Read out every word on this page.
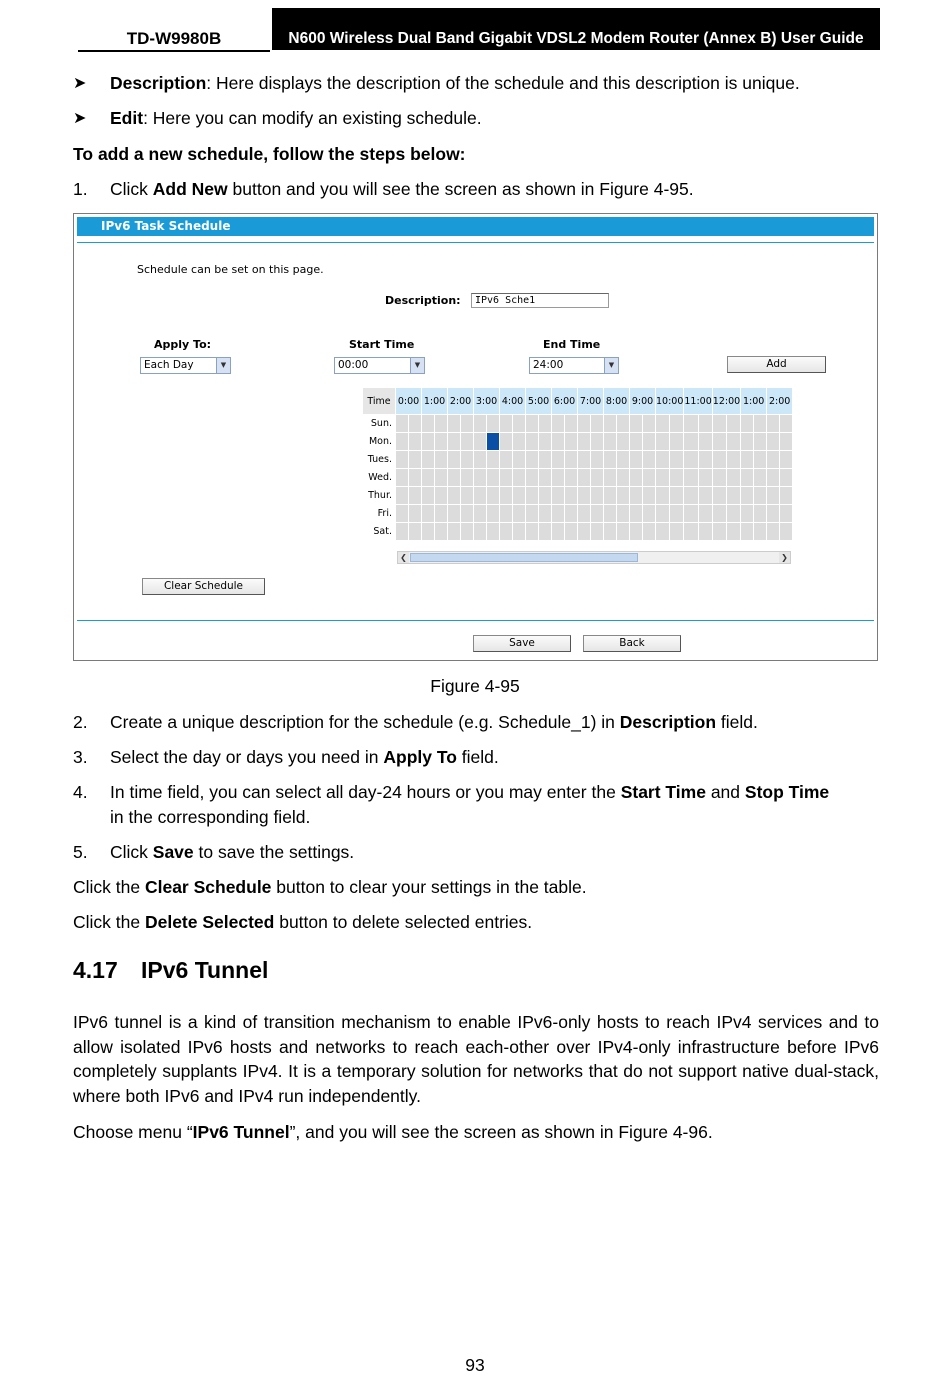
TD-W9980B	N600 Wireless Dual Band Gigabit VDSL2 Modem Router (Annex B) User Guide
➤ Description: Here displays the description of the schedule and this description is unique.
➤ Edit: Here you can modify an existing schedule.
To add a new schedule, follow the steps below:
1. Click Add New button and you will see the screen as shown in Figure 4-95.
IPv6 Task Schedule
Schedule can be set on this page.
Description:	IPv6 Sche1
Apply To:
Each Day	▼
Start Time
00:00	▼
End Time
24:00	▼	Add
Time	0:00		1:00		2:00		3:00		4:00		5:00		6:00		7:00		8:00		9:00		10:00		11:00		12:00		1:00		2:00	
Sun.																														
Mon.																														
Tues.																														
Wed.																														
Thur.																														
Fri.																														
Sat.																														
❮	❯
Clear Schedule
Save	Back
Figure 4-95
2. Create a unique description for the schedule (e.g. Schedule_1) in Description field.
3. Select the day or days you need in Apply To field.
4. In time field, you can select all day-24 hours or you may enter the Start Time and Stop Time
in the corresponding field.
5. Click Save to save the settings.
Click the Clear Schedule button to clear your settings in the table.
Click the Delete Selected button to delete selected entries.
4.17 IPv6 Tunnel
IPv6 tunnel is a kind of transition mechanism to enable IPv6-only hosts to reach IPv4 services and to allow isolated IPv6 hosts and networks to reach each-other over IPv4-only infrastructure before IPv6 completely supplants IPv4. It is a temporary solution for networks that do not support native dual-stack, where both IPv6 and IPv4 run independently.
Choose menu “IPv6 Tunnel”, and you will see the screen as shown in Figure 4-96.
93
